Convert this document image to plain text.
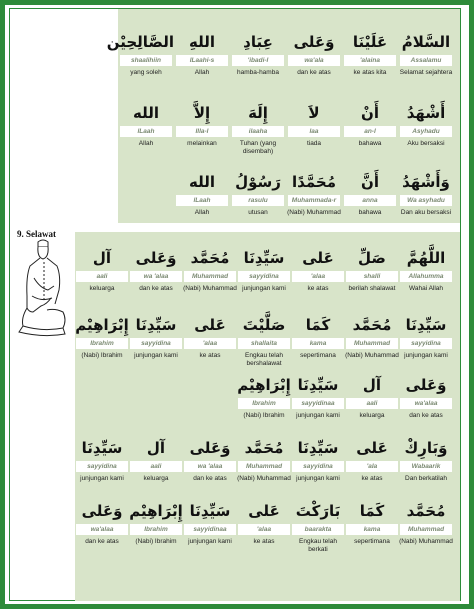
9. Selawat
السَّلامُ
Assalamu
Selamat sejahtera
عَلَيْنَا
'alaina
ke atas kita
وَعَلى
wa'ala
dan ke atas
عِبَادِ
'ibadi-l
hamba-hamba
اللهِ
lLaahi-s
Allah
الصَّالِحِيْن
shaalihiin
yang soleh
أَشْهَدُ
Asyhadu
Aku bersaksi
أَنْ
an-l
bahawa
لاَ
laa
tiada
إِلَهَ
ilaaha
Tuhan (yang disembah)
إِلاَّ
Illa-l
melainkan
الله
lLaah
Allah
وَأَشْهَدُ
Wa asyhadu
Dan aku bersaksi
أَنَّ
anna
bahawa
مُحَمَّدًا
Muhammada-r
(Nabi) Muhammad
رَسُوْلُ
rasulu
utusan
الله
lLaah
Allah
اللَّهُمَّ
Allahumma
Wahai Allah
صَلِّ
shalli
berilah shalawat
عَلى
'alaa
ke atas
سَيِّدِنَا
sayyidina
junjungan kami
مُحَمَّد
Muhammad
(Nabi) Muhammad
وَعَلى
wa 'alaa
dan ke atas
آل
aali
keluarga
سَيِّدِنَا
sayyidina
junjungan kami
مُحَمَّد
Muhammad
(Nabi) Muhammad
كَمَا
kama
sepertimana
صَلَّيْتَ
shallaita
Engkau telah bershalawat
عَلى
'alaa
ke atas
سَيِّدِنَا
sayyidina
junjungan kami
إِبْرَاهِيْم
Ibrahim
(Nabi) Ibrahim
وَعَلى
wa'alaa
dan ke atas
آل
aali
keluarga
سَيِّدِنَا
sayyidinaa
junjungan kami
إِبْرَاهِيْم
Ibrahim
(Nabi) Ibrahim
وَبَارِكْ
Wabaarik
Dan berkatilah
عَلى
'ala
ke atas
سَيِّدِنَا
sayyidina
junjungan kami
مُحَمَّد
Muhammad
(Nabi) Muhammad
وَعَلى
wa 'alaa
dan ke atas
آل
aali
keluarga
سَيِّدِنَا
sayyidina
junjungan kami
مُحَمَّد
Muhammad
(Nabi) Muhammad
كَمَا
kama
sepertimana
بَارَكْتَ
baarakta
Engkau telah berkati
عَلى
'alaa
ke atas
سَيِّدِنَا
sayyidinaa
junjungan kami
إِبْرَاهِيْم
Ibrahim
(Nabi) Ibrahim
وَعَلى
wa'alaa
dan ke atas
